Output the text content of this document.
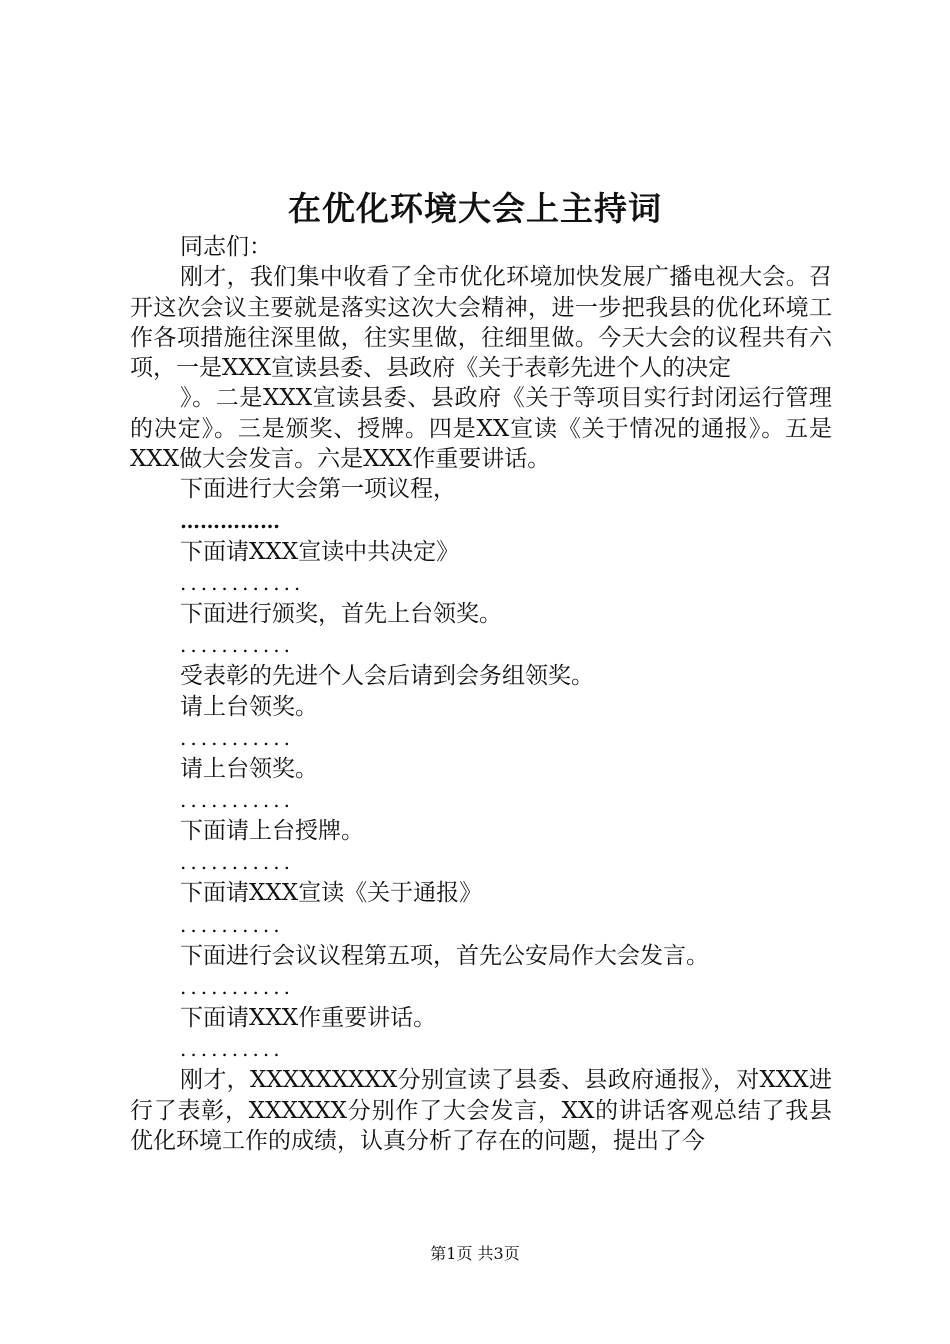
在优化环境大会上主持词

同志们：

刚才，我们集中收看了全市优化环境加快发展广播电视大会。召开这次会议主要就是落实这次大会精神，进一步把我县的优化环境工作各项措施往深里做，往实里做，往细里做。今天大会的议程共有六项，一是XXX宣读县委、县政府《关于表彰先进个人的决定

》。二是XXX宣读县委、县政府《关于等项目实行封闭运行管理的决定》。三是颁奖、授牌。四是XX宣读《关于情况的通报》。五是XXX做大会发言。六是XXX作重要讲话。

下面进行大会第一项议程，

……………

下面请XXX宣读中共决定》

............

下面进行颁奖，首先上台领奖。

...........

受表彰的先进个人会后请到会务组领奖。

请上台领奖。

...........

请上台领奖。

...........

下面请上台授牌。

...........

下面请XXX宣读《关于通报》

..........

下面进行会议议程第五项，首先公安局作大会发言。

...........

下面请XXX作重要讲话。

..........

刚才，XXXXXXXXX分别宣读了县委、县政府通报》，对XXX进行了表彰，XXXXXX分别作了大会发言，XX的讲话客观总结了我县优化环境工作的成绩，认真分析了存在的问题，提出了今

第1页 共3页
